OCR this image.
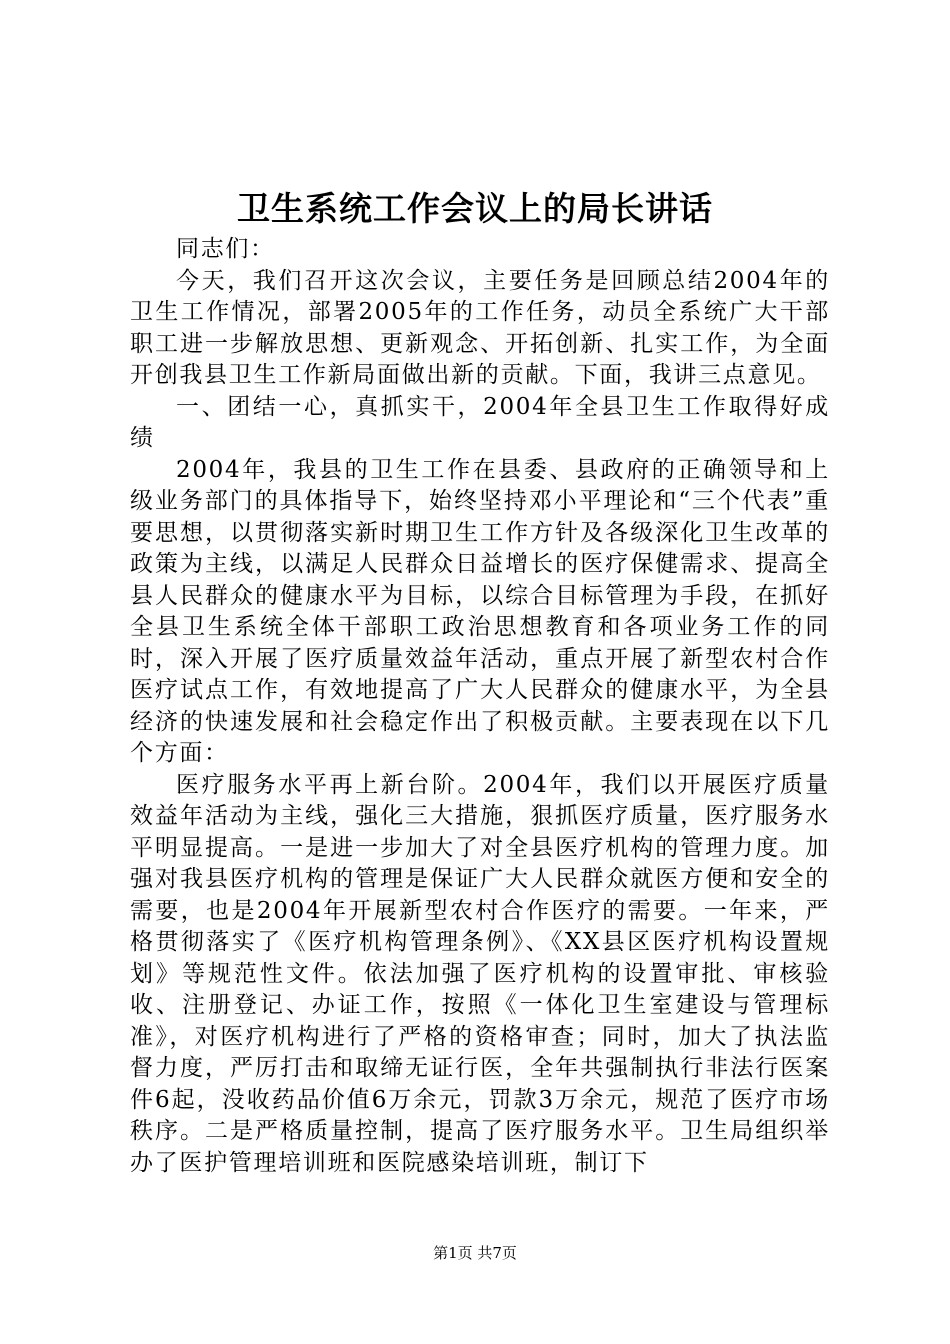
卫生系统工作会议上的局长讲话

同志们：

今天，我们召开这次会议，主要任务是回顾总结2004年的卫生工作情况，部署2005年的工作任务，动员全系统广大干部职工进一步解放思想、更新观念、开拓创新、扎实工作，为全面开创我县卫生工作新局面做出新的贡献。下面，我讲三点意见。

一、团结一心，真抓实干，2004年全县卫生工作取得好成绩

2004年，我县的卫生工作在县委、县政府的正确领导和上级业务部门的具体指导下，始终坚持邓小平理论和“三个代表”重要思想，以贯彻落实新时期卫生工作方针及各级深化卫生改革的政策为主线，以满足人民群众日益增长的医疗保健需求、提高全县人民群众的健康水平为目标，以综合目标管理为手段，在抓好全县卫生系统全体干部职工政治思想教育和各项业务工作的同时，深入开展了医疗质量效益年活动，重点开展了新型农村合作医疗试点工作，有效地提高了广大人民群众的健康水平，为全县经济的快速发展和社会稳定作出了积极贡献。主要表现在以下几个方面：

医疗服务水平再上新台阶。2004年，我们以开展医疗质量效益年活动为主线，强化三大措施，狠抓医疗质量，医疗服务水平明显提高。一是进一步加大了对全县医疗机构的管理力度。加强对我县医疗机构的管理是保证广大人民群众就医方便和安全的需要，也是2004年开展新型农村合作医疗的需要。一年来，严格贯彻落实了《医疗机构管理条例》、《XX县区医疗机构设置规划》等规范性文件。依法加强了医疗机构的设置审批、审核验收、注册登记、办证工作，按照《一体化卫生室建设与管理标准》，对医疗机构进行了严格的资格审查；同时，加大了执法监督力度，严厉打击和取缔无证行医，全年共强制执行非法行医案件6起，没收药品价值6万余元，罚款3万余元，规范了医疗市场秩序。二是严格质量控制，提高了医疗服务水平。卫生局组织举办了医护管理培训班和医院感染培训班，制订下

第1页 共7页
